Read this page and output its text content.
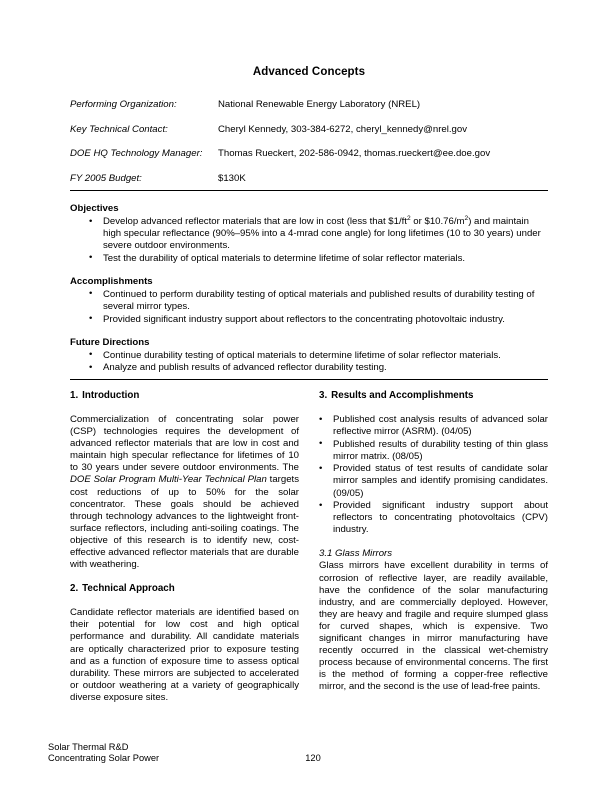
Advanced Concepts
Performing Organization:	National Renewable Energy Laboratory (NREL)
Key Technical Contact:	Cheryl Kennedy, 303-384-6272, cheryl_kennedy@nrel.gov
DOE HQ Technology Manager:	Thomas Rueckert, 202-586-0942, thomas.rueckert@ee.doe.gov
FY 2005 Budget:	$130K
Objectives
• Develop advanced reflector materials that are low in cost (less that $\$1/ft^2$ or $\$10.76/m^2$) and maintain high specular reflectance (90%–95% into a 4-mrad cone angle) for long lifetimes (10 to 30 years) under severe outdoor environments.
• Test the durability of optical materials to determine lifetime of solar reflector materials.
Accomplishments
• Continued to perform durability testing of optical materials and published results of durability testing of several mirror types.
• Provided significant industry support about reflectors to the concentrating photovoltaic industry.
Future Directions
• Continue durability testing of optical materials to determine lifetime of solar reflector materials.
• Analyze and publish results of advanced reflector durability testing.
1. Introduction

Commercialization of concentrating solar power (CSP) technologies requires the development of advanced reflector materials that are low in cost and maintain high specular reflectance for lifetimes of 10 to 30 years under severe outdoor environments. The DOE Solar Program Multi-Year Technical Plan targets cost reductions of up to 50% for the solar concentrator. These goals should be achieved through technology advances to the lightweight front-surface reflectors, including anti-soiling coatings. The objective of this research is to identify new, cost-effective advanced reflector materials that are durable with weathering.

2. Technical Approach

Candidate reflector materials are identified based on their potential for low cost and high optical performance and durability. All candidate materials are optically characterized prior to exposure testing and as a function of exposure time to assess optical durability. These mirrors are subjected to accelerated or outdoor weathering at a variety of geographically diverse exposure sites.

3. Results and Accomplishments
• Published cost analysis results of advanced solar reflective mirror (ASRM). (04/05)
• Published results of durability testing of thin glass mirror matrix. (08/05)
• Provided status of test results of candidate solar mirror samples and identify promising candidates. (09/05)
• Provided significant industry support about reflectors to concentrating photovoltaics (CPV) industry.
3.1 Glass Mirrors

Glass mirrors have excellent durability in terms of corrosion of reflective layer, are readily available, have the confidence of the solar manufacturing industry, and are commercially deployed. However, they are heavy and fragile and require slumped glass for curved shapes, which is expensive. Two significant changes in mirror manufacturing have recently occurred in the classical wet-chemistry process because of environmental concerns. The first is the method of forming a copper-free reflective mirror, and the second is the use of lead-free paints.

Solar Thermal R&D
Concentrating Solar Power	120
